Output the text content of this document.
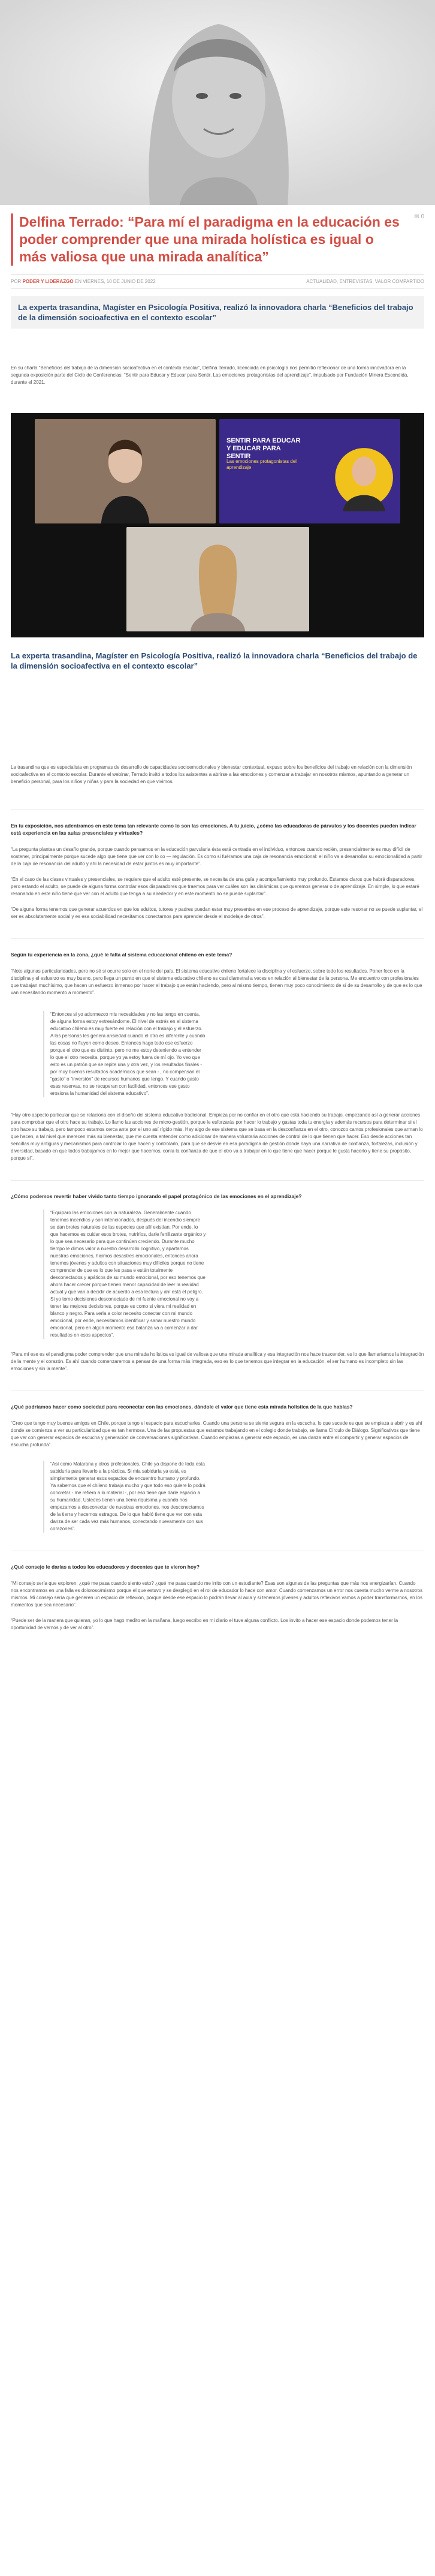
Delfina Terrado: “Para mí el paradigma en la educación es poder comprender que una mirada holística es igual o más valiosa que una mirada analítica”
✉ 0
POR PODER Y LIDERAZGO EN VIERNES, 10 DE JUNIO DE 2022	ACTUALIDAD, ENTREVISTAS, VALOR COMPARTIDO

La experta trasandina, Magíster en Psicología Positiva, realizó la innovadora charla “Beneficios del trabajo de la dimensión socioafectiva en el contexto escolar”

En su charla “Beneficios del trabajo de la dimensión socioafectiva en el contexto escolar”, Delfina Terrado, licenciada en psicología nos permitió reflexionar de una forma innovadora en la segunda exposición parte del Ciclo de Conferencias: “Sentir para Educar y Educar para Sentir. Las emociones protagonistas del aprendizaje”, impulsado por Fundación Minera Escondida, durante el 2021.

SENTIR PARA EDUCAR Y EDUCAR PARA SENTIR
Las emociones protagonistas del aprendizaje

La experta trasandina, Magíster en Psicología Positiva, realizó la innovadora charla “Beneficios del trabajo de la dimensión socioafectiva en el contexto escolar”

La trasandina que es especialista en programas de desarrollo de capacidades socioemocionales y bienestar contextual, expuso sobre los beneficios del trabajo en relación con la dimensión socioafectiva en el contexto escolar. Durante el webinar, Terrado invitó a todos los asistentes a abrirse a las emociones y comenzar a trabajar en nosotros mismos, apuntando a generar un beneficio personal, para los niños y niñas y para la sociedad en que vivimos.

En tu exposición, nos adentramos en este tema tan relevante como lo son las emociones. A tu juicio, ¿cómo las educadoras de párvulos y los docentes pueden indicar está experiencia en las aulas presenciales y virtuales?

“La pregunta plantea un desafío grande, porque cuando pensamos en la educación parvularia ésta está centrada en el individuo, entonces cuando recién, presencialmente es muy difícil de sostener, principalmente porque sucede algo que tiene que ver con lo co — regulación. Es como si fuéramos una caja de resonancia emocional: el niño va a desarrollar su emocionalidad a partir de la caja de resonancia del adulto y ahí la necesidad de estar juntos es muy importante”.

“En el caso de las clases virtuales y presenciales, se requiere que el adulto esté presente, se necesita de una guía y acompañamiento muy profundo. Estamos claros que habrá disparadores, pero estando el adulto, se puede de alguna forma controlar esos disparadores que traemos para ver cuáles son las dinámicas que queremos generar o de aprendizaje. En simple, lo que estaré resonando en este niño tiene que ver con el adulto que tenga a su alrededor y en este momento no se puede suplantar”.

“De alguna forma tenemos que generar acuerdos en que los adultos, tutores y padres puedan estar muy presentes en ese proceso de aprendizaje, porque este resonar no se puede suplantar, el ser es absolutamente social y es esa sociabilidad necesitamos conectarnos para aprender desde el modelaje de otros”.

Según tu experiencia en la zona, ¿qué le falta al sistema educacional chileno en este tema?

“Noto algunas particularidades, pero no sé si ocurre solo en el norte del país. El sistema educativo chileno fortalece la disciplina y el esfuerzo, sobre todo los resultados. Poner foco en la disciplina y el esfuerzo es muy bueno, pero llega un punto en que el sistema educativo chileno es casi diametral a veces en relación al bienestar de la persona. Me encuentro con profesionales que trabajan muchísimo, que hacen un esfuerzo inmenso por hacer el trabajo que están haciendo, pero al mismo tiempo, tienen muy poco conocimiento de sí de su desarrollo y de que es lo que van necesitando momento a momento”.

“Entonces si yo adormezco mis necesidades y no las tengo en cuenta, de alguna forma estoy extresándome. El nivel de estrés en el sistema educativo chileno es muy fuerte en relación con el trabajo y el esfuerzo. A las personas les genera ansiedad cuando el otro es diferente y cuando las cosas no fluyen como deseo. Entonces hago todo ese esfuerzo porque el otro que es distinto, pero no me estoy deteniendo a entender lo que el otro necesita, porque yo ya estoy fuera de mí ojo. Yo veo que esto es un patrón que se repite una y otra vez, y los resultados finales - por muy buenos resultados académicos que sean - , no compensan el “gasto” o “inversión” de recursos humanos que tengo. Y cuando gasto esas reservas, no se recuperan con facilidad, entonces ese gasto erosiona la humanidad del sistema educativo”.

“Hay otro aspecto particular que se relaciona con el diseño del sistema educativo tradicional. Empieza por no confiar en el otro que está haciendo su trabajo, empezando así a generar acciones para comprobar que el otro hace su trabajo. Lo llamo las acciones de micro-gestión, porque le esforzarás por hacer lo trabajo y gastas toda tu energía y además recursos para determinar si el otro hace su trabajo, pero tampoco estamos cerca ante por el uno así rígido más. Hay algo de ese sistema que se basa en la desconfianza en el otro, conozco cantos profesionales que arman lo que hacen, a tal nivel que merecen más su bienestar, que me cuenta entender como adicionar de manera voluntaria acciones de control de lo que tienen que hacer. Eso desde acciones tan sencillas muy antiguas y mecanismos para controlar lo que hacen y controlarlo, para que se desvíe en esa paradigma de gestión donde haya una narrativa de confianza, fortalezas, inclusión y diversidad, basado en que todos trabajamos en lo mejor que hacemos, conla la confianza de que el otro va a trabajar en lo que tiene que hacer porque le gusta hacerlo y tiene su propósito, porque sí”.

¿Cómo podemos revertir haber vivido tanto tiempo ignorando el papel protagónico de las emociones en el aprendizaje?
“Equiparo las emociones con la naturaleza. Generalmente cuando tenemos incendios y son intencionados, después del incendio siempre se dan brotes naturales de las especies que allí existían. Por ende, lo que hacemos es cuidar esos brotes, nutrirlos, darle fertilizante orgánico y lo que sea necesario para que continúen creciendo. Durante mucho tiempo le dimos valor a nuestro desarrollo cognitivo, y apartamos nuestras emociones, hicimos desastres emocionales, entonces ahora tenemos jóvenes y adultos con situaciones muy difíciles porque no tiene comprender de que es lo que les pasa e están totalmente desconectados y apáticos de su mundo emocional, por eso tenemos que ahora hacer crecer porque tienen menor capacidad de leer la realidad actual y que van a decidir de acuerdo a esa lectura y ahí está el peligro. Si yo tomo decisiones desconectado de mi fuente emocional no voy a tener las mejores decisiones, porque es como si viera mi realidad en blanco y negro. Para verla a color necesito conectar con mi mundo emocional, por ende, necesitamos identificar y sanar nuestro mundo emocional, pero en algún momento esa balanza va a comenzar a dar resultados en esos aspectos”.

“Para mí ese es el paradigma poder comprender que una mirada holística es igual de valiosa que una mirada analítica y esa integración nos hace trascender, es lo que llamaríamos la integración de la mente y el corazón. Es ahí cuando comenzaremos a pensar de una forma más integrada, eso es lo que tenemos que integrar en la educación, el ser humano es incompleto sin las emociones y sin la mente”.

¿Qué podríamos hacer como sociedad para reconectar con las emociones, dándole el valor que tiene esta mirada holística de la que hablas?

“Creo que tengo muy buenos amigos en Chile, porque tengo el espacio para escucharles. Cuando una persona se siente segura en la escucha, lo que sucede es que se empieza a abrir y es ahí donde se comienza a ver su particularidad que es tan hermosa. Una de las propuestas que estamos trabajando en el colegio donde trabajo, se llama Círculo de Diálogo. Significativos que tiene que ver con generar espacios de escucha y generación de conversaciones significativas. Cuando empiezas a generar este espacio, es una danza entre el compartir y generar espacios de escucha profunda”.

“Así como Matarana y otros profesionales, Chile ya dispone de toda esta sabiduría para llevarlo a la práctica. Si mia sabiduría ya está, es simplemente generar esos espacios de encuentro humano y profundo. Ya sabemos que el chileno trabaja mucho y que todo eso quiere lo podrá concretar - me refiero a lo material -, por eso tiene que darle espacio a su humanidad. Ustedes tienen una tierra riquísima y cuando nos empezamos a desconectar de nuestras emociones, nos desconectamos de la tierra y hacemos estragos. De lo que habló tiene que ver con esta danza de ser cada vez más humanos, conectando nuevamente con sus corazones”.
¿Qué consejo le darías a todos los educadores y docentes que te vieron hoy?

“Mi consejo sería que exploren: ¿qué me pasa cuando siento esto? ¿qué me pasa cuando me irrito con un estudiante? Esas son algunas de las preguntas que más nos energizarían. Cuando nos encontramos en una falla es doloroso/mismo porque el que estuvo y se desplegó en el rol de educador lo hace con amor. Cuando comenzamos un error nos cuesta mucho verme a nosotros mismos. Mi consejo sería que generen un espacio de reflexión, porque desde ese espacio lo podrán llevar al aula y si tenemos jóvenes y adultos reflexivos vamos a poder transformarnos, en los momentos que sea necesario”.

“Puede ser de la manera que quieran, yo lo que hago medito en la mañana, luego escribo en mi diario el tuve alguna conflicto. Los invito a hacer ese espacio donde podemos tener la oportunidad de vernos y de ver al otro”.
